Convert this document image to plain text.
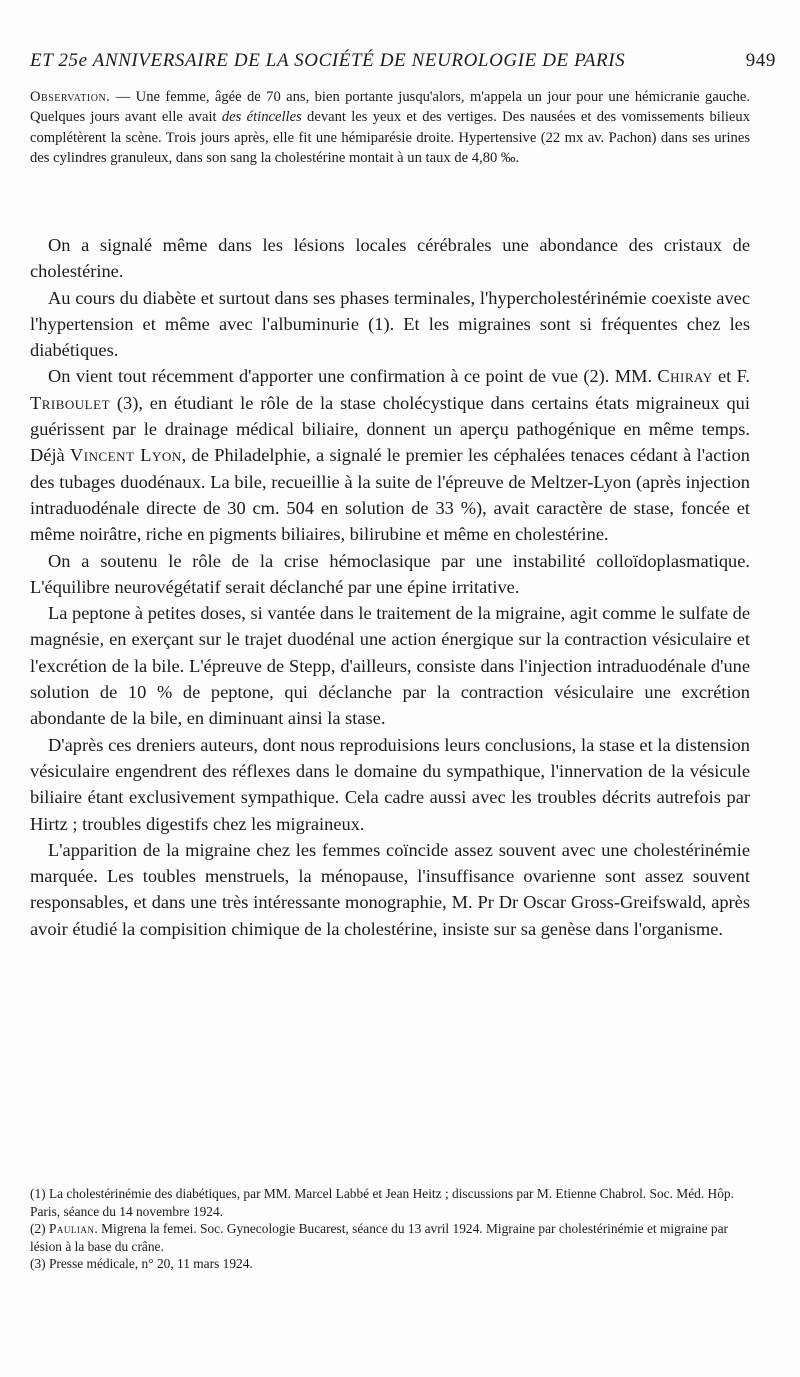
ET 25e ANNIVERSAIRE DE LA SOCIÉTÉ DE NEUROLOGIE DE PARIS	949
Observation. — Une femme, âgée de 70 ans, bien portante jusqu'alors, m'appela un jour pour une hémicranie gauche. Quelques jours avant elle avait des étincelles devant les yeux et des vertiges. Des nausées et des vomissements bilieux complétèrent la scène. Trois jours après, elle fit une hémiparésie droite. Hypertensive (22 mx av. Pachon) dans ses urines des cylindres granuleux, dans son sang la cholestérine montait à un taux de 4,80 ‰.

On a signalé même dans les lésions locales cérébrales une abondance des cristaux de cholestérine.

Au cours du diabète et surtout dans ses phases terminales, l'hypercholestérinémie coexiste avec l'hypertension et même avec l'albuminurie (1). Et les migraines sont si fréquentes chez les diabétiques.

On vient tout récemment d'apporter une confirmation à ce point de vue (2). MM. Chiray et F. Triboulet (3), en étudiant le rôle de la stase cholécystique dans certains états migraineux qui guérissent par le drainage médical biliaire, donnent un aperçu pathogénique en même temps. Déjà Vincent Lyon, de Philadelphie, a signalé le premier les céphalées tenaces cédant à l'action des tubages duodénaux. La bile, recueillie à la suite de l'épreuve de Meltzer-Lyon (après injection intraduodénale directe de 30 cm. 504 en solution de 33 %), avait caractère de stase, foncée et même noirâtre, riche en pigments biliaires, bilirubine et même en cholestérine.

On a soutenu le rôle de la crise hémoclasique par une instabilité colloïdoplasmatique. L'équilibre neurovégétatif serait déclanché par une épine irritative.

La peptone à petites doses, si vantée dans le traitement de la migraine, agit comme le sulfate de magnésie, en exerçant sur le trajet duodénal une action énergique sur la contraction vésiculaire et l'excrétion de la bile. L'épreuve de Stepp, d'ailleurs, consiste dans l'injection intraduodénale d'une solution de 10 % de peptone, qui déclanche par la contraction vésiculaire une excrétion abondante de la bile, en diminuant ainsi la stase.

D'après ces dreniers auteurs, dont nous reproduisions leurs conclusions, la stase et la distension vésiculaire engendrent des réflexes dans le domaine du sympathique, l'innervation de la vésicule biliaire étant exclusivement sympathique. Cela cadre aussi avec les troubles décrits autrefois par Hirtz ; troubles digestifs chez les migraineux.

L'apparition de la migraine chez les femmes coïncide assez souvent avec une cholestérinémie marquée. Les toubles menstruels, la ménopause, l'insuffisance ovarienne sont assez souvent responsables, et dans une très intéressante monographie, M. Pr Dr Oscar Gross-Greifswald, après avoir étudié la compisition chimique de la cholestérine, insiste sur sa genèse dans l'organisme.

(1) La cholestérinémie des diabétiques, par MM. Marcel Labbé et Jean Heitz ; discussions par M. Etienne Chabrol. Soc. Méd. Hôp. Paris, séance du 14 novembre 1924.

(2) Paulian. Migrena la femei. Soc. Gynecologie Bucarest, séance du 13 avril 1924. Migraine par cholestérinémie et migraine par lésion à la base du crâne.

(3) Presse médicale, n° 20, 11 mars 1924.
